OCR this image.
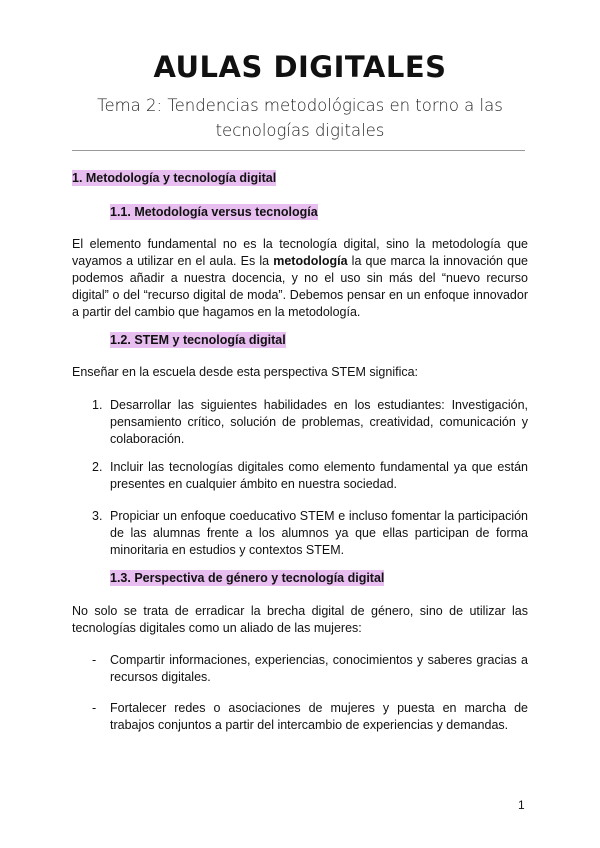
AULAS DIGITALES
Tema 2: Tendencias metodológicas en torno a las
tecnologías digitales
1. Metodología y tecnología digital
1.1. Metodología versus tecnología
El elemento fundamental no es la tecnología digital, sino la metodología que vayamos a utilizar en el aula. Es la metodología la que marca la innovación que podemos añadir a nuestra docencia, y no el uso sin más del “nuevo recurso digital” o del “recurso digital de moda”. Debemos pensar en un enfoque innovador a partir del cambio que hagamos en la metodología.
1.2. STEM y tecnología digital
Enseñar en la escuela desde esta perspectiva STEM significa:
1. Desarrollar las siguientes habilidades en los estudiantes: Investigación, pensamiento crítico, solución de problemas, creatividad, comunicación y colaboración.
2. Incluir las tecnologías digitales como elemento fundamental ya que están presentes en cualquier ámbito en nuestra sociedad.
3. Propiciar un enfoque coeducativo STEM e incluso fomentar la participación de las alumnas frente a los alumnos ya que ellas participan de forma minoritaria en estudios y contextos STEM.
1.3. Perspectiva de género y tecnología digital
No solo se trata de erradicar la brecha digital de género, sino de utilizar las tecnologías digitales como un aliado de las mujeres:
- Compartir informaciones, experiencias, conocimientos y saberes gracias a recursos digitales.
- Fortalecer redes o asociaciones de mujeres y puesta en marcha de trabajos conjuntos a partir del intercambio de experiencias y demandas.
1
